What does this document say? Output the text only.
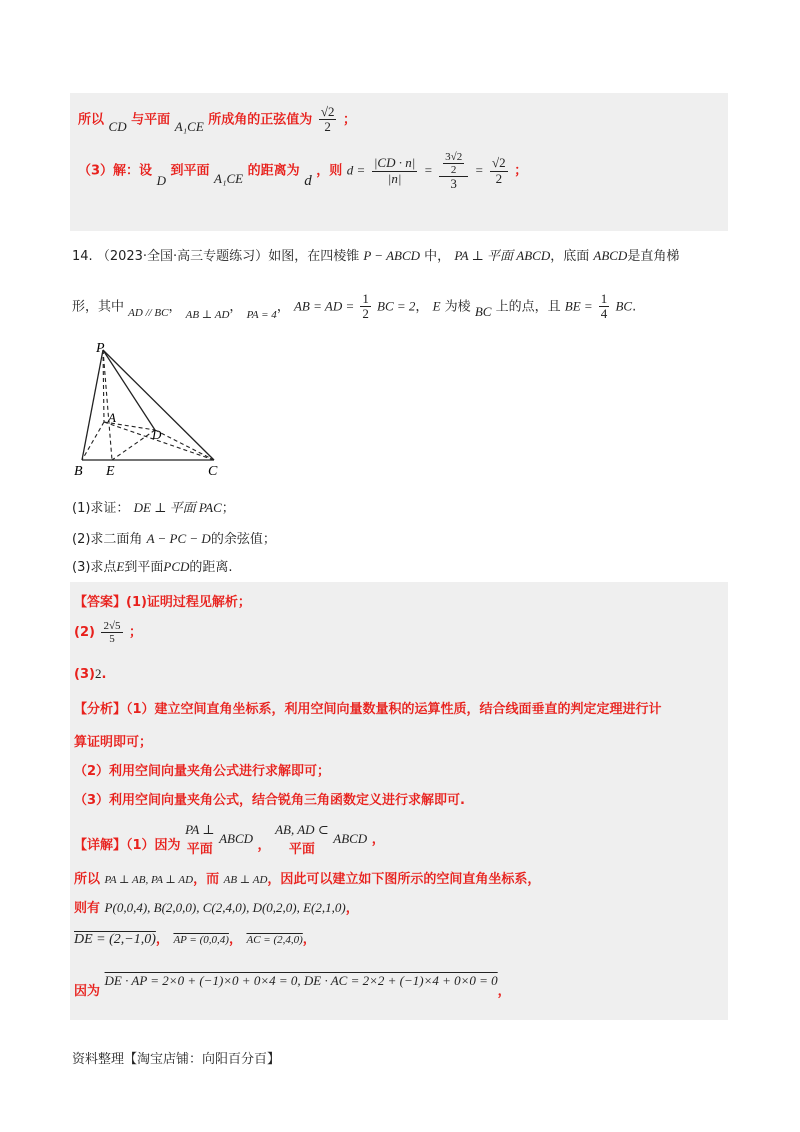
所以 CD 与平面 A₁CE 所成角的正弦值为 $\frac{√2}{2}$ ；
（3）解：设 D 到平面 A₁CE 的距离为 d ，则 $d = \frac{|CD \cdot n|}{|n|} = \frac{\frac{3√2}{2}}{3} = \frac{√2}{2}$ ；
14. （2023·全国·高三专题练习）如图，在四棱锥 P − ABCD 中， PA ⊥ 平面 ABCD，底面 ABCD是直角梯
形，其中 $_{AD // BC}$， $_{AB \perp AD}$， $_{PA = 4}$， AB = AD = $\frac{1}{2}$ BC = 2， E 为棱 BC 上的点，且 BE = $\frac{1}{4}$ BC.
P
A
D
B E	C
(1)求证： DE ⊥ 平面 PAC；
(2)求二面角 A − PC − D的余弦值；
(3)求点E到平面PCD的距离.
【答案】(1)证明过程见解析；
$(2) \frac{2√5}{5}$ ；
(3)2.
【分析】（1）建立空间直角坐标系，利用空间向量数量积的运算性质，结合线面垂直的判定定理进行计
算证明即可；
（2）利用空间向量夹角公式进行求解即可；
（3）利用空间向量夹角公式，结合锐角三角函数定义进行求解即可.
【详解】（1）因为
PA ⊥
平面
ABCD ，
AB, AD ⊂
平面
ABCD ，
所以 PA ⊥ AB, PA ⊥ AD，而 AB ⊥ AD，因此可以建立如下图所示的空间直角坐标系，
则有 P(0,0,4), B(2,0,0), C(2,4,0), D(0,2,0), E(2,1,0)，
DE = (2,−1,0)， AP = (0,0,4)， AC = (2,4,0)，
因为 DE · AP = 2×0 + (−1)×0 + 0×4 = 0, DE · AC = 2×2 + (−1)×4 + 0×0 = 0，
资料整理【淘宝店铺：向阳百分百】
